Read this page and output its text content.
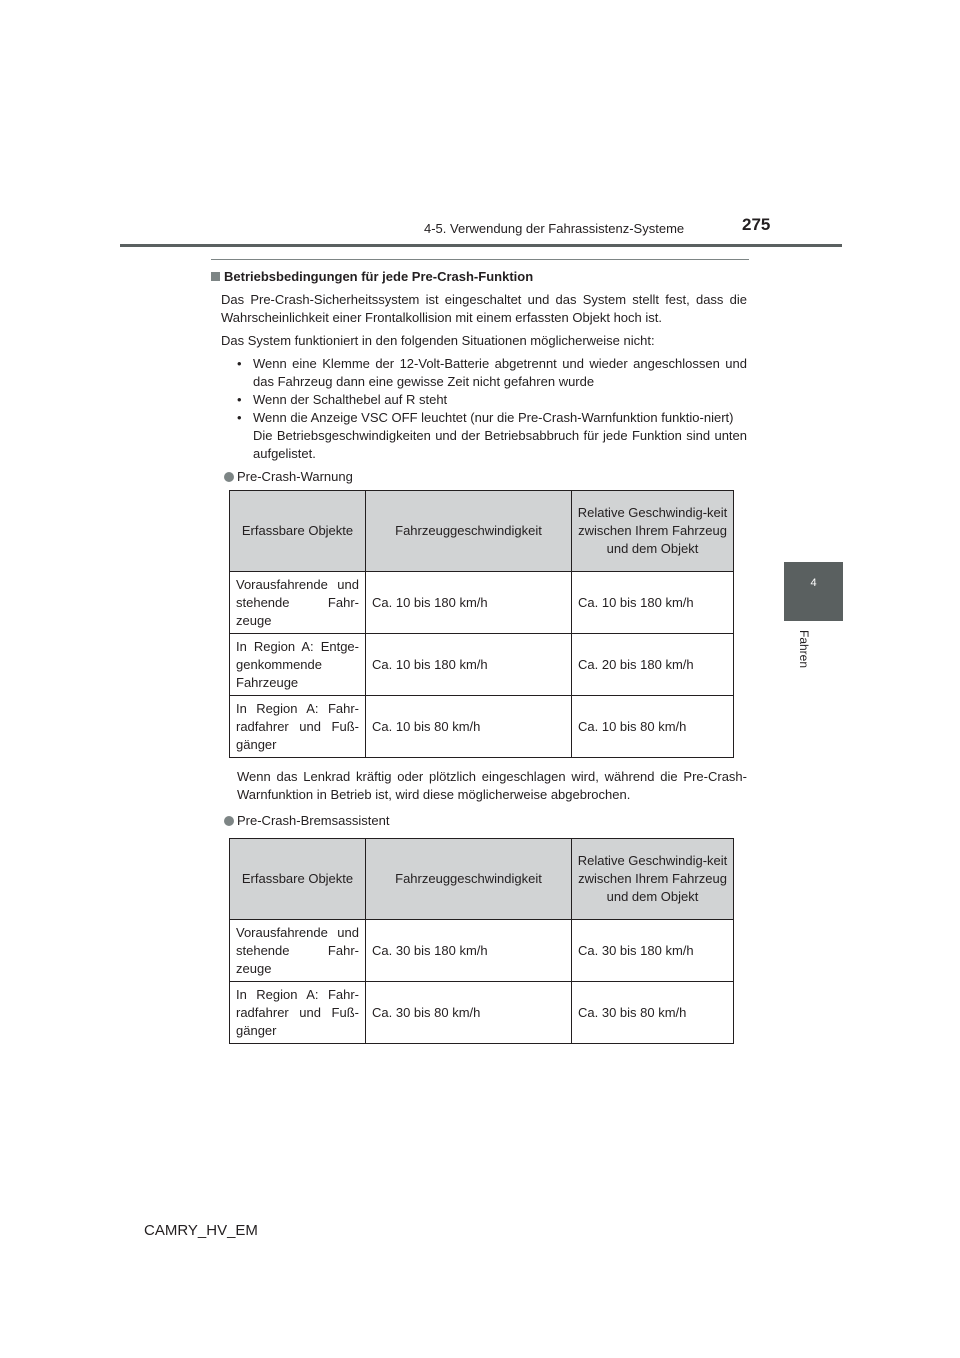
4-5. Verwendung der Fahrassistenz-Systeme	275
4
Fahren
Betriebsbedingungen für jede Pre-Crash-Funktion
Das Pre-Crash-Sicherheitssystem ist eingeschaltet und das System stellt fest, dass die Wahrscheinlichkeit einer Frontalkollision mit einem erfassten Objekt hoch ist.
Das System funktioniert in den folgenden Situationen möglicherweise nicht:
• Wenn eine Klemme der 12-Volt-Batterie abgetrennt und wieder angeschlossen und das Fahrzeug dann eine gewisse Zeit nicht gefahren wurde
• Wenn der Schalthebel auf R steht
• Wenn die Anzeige VSC OFF leuchtet (nur die Pre-Crash-Warnfunktion funktio-niert)
Die Betriebsgeschwindigkeiten und der Betriebsabbruch für jede Funktion sind unten aufgelistet.
Pre-Crash-Warnung
Erfassbare Objekte	Fahrzeuggeschwindigkeit	Relative Geschwindig-keit zwischen Ihrem Fahrzeug und dem Objekt
Vorausfahrende und stehende Fahr-zeuge	Ca. 10 bis 180 km/h	Ca. 10 bis 180 km/h
In Region A: Entge-genkommende Fahrzeuge	Ca. 10 bis 180 km/h	Ca. 20 bis 180 km/h
In Region A: Fahr-radfahrer und Fuß-gänger	Ca. 10 bis 80 km/h	Ca. 10 bis 80 km/h
Wenn das Lenkrad kräftig oder plötzlich eingeschlagen wird, während die Pre-Crash-Warnfunktion in Betrieb ist, wird diese möglicherweise abgebrochen.
Pre-Crash-Bremsassistent
Erfassbare Objekte	Fahrzeuggeschwindigkeit	Relative Geschwindig-keit zwischen Ihrem Fahrzeug und dem Objekt
Vorausfahrende und stehende Fahr-zeuge	Ca. 30 bis 180 km/h	Ca. 30 bis 180 km/h
In Region A: Fahr-radfahrer und Fuß-gänger	Ca. 30 bis 80 km/h	Ca. 30 bis 80 km/h
CAMRY_HV_EM
